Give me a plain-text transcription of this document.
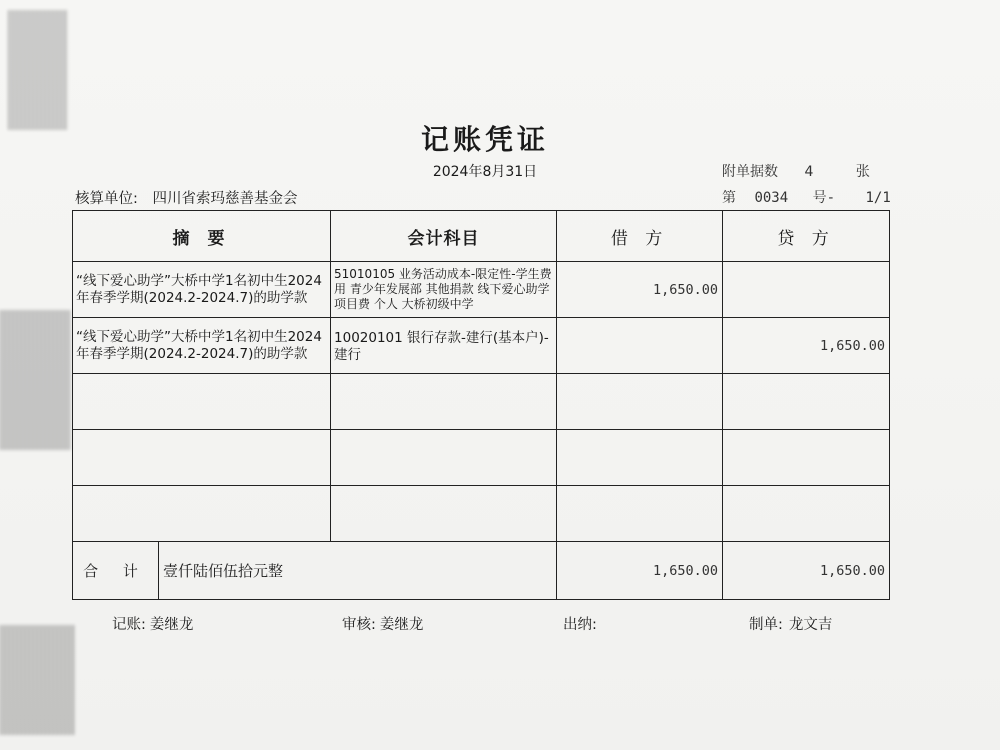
记账凭证
2024年8月31日	附单据数 4	张
核算单位: 四川省索玛慈善基金会	第 0034 号- 1/1
摘 要		会计科目	借 方	贷 方
“线下爱心助学”大桥中学1名初中生2024年春季学期(2024.2-2024.7)的助学款		51010105 业务活动成本-限定性-学生费用 青少年发展部 其他捐款 线下爱心助学 项目费 个人 大桥初级中学	1,650.00	
“线下爱心助学”大桥中学1名初中生2024年春季学期(2024.2-2024.7)的助学款		10020101 银行存款-建行(基本户)-建行		1,650.00

合 计	壹仟陆佰伍拾元整		1,650.00	1,650.00
记账: 姜继龙	审核: 姜继龙	出纳:	制单: 龙文吉
